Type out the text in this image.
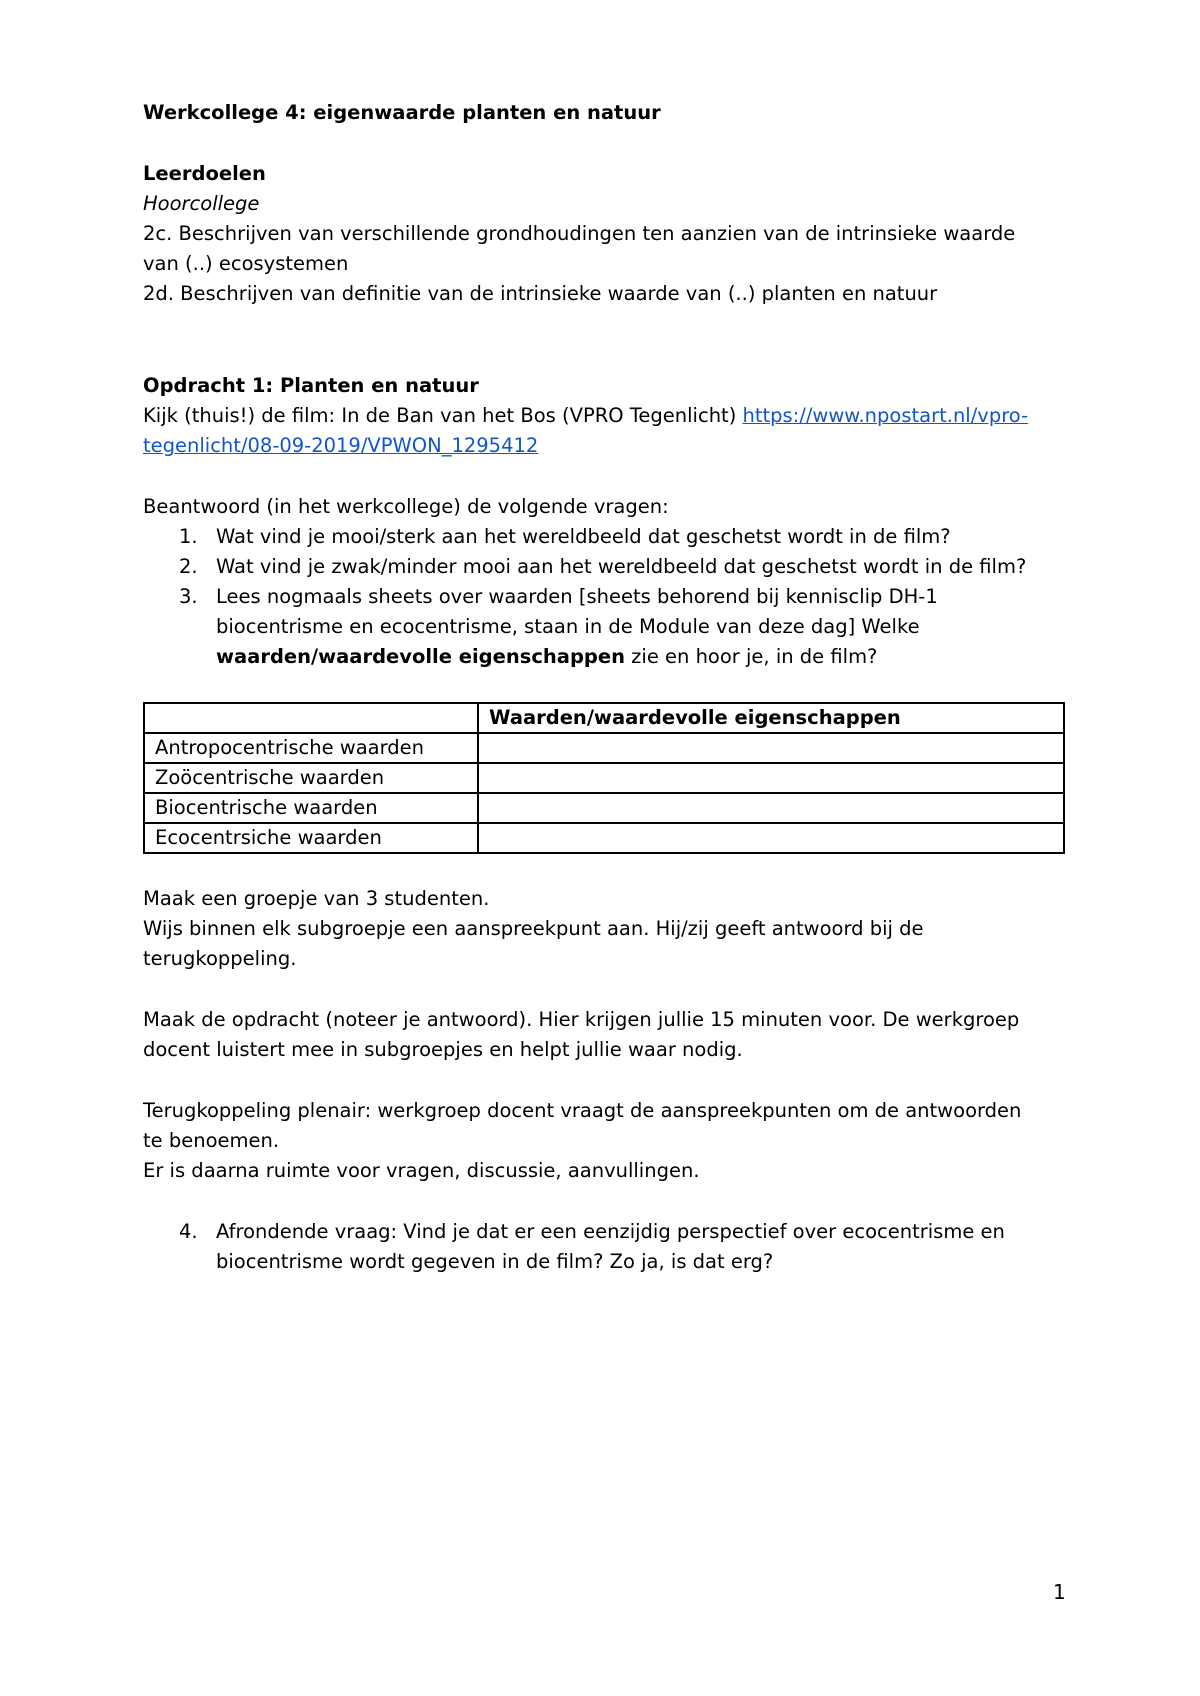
Werkcollege 4: eigenwaarde planten en natuur

Leerdoelen

Hoorcollege

2c. Beschrijven van verschillende grondhoudingen ten aanzien van de intrinsieke waarde

van (..) ecosystemen

2d. Beschrijven van definitie van de intrinsieke waarde van (..) planten en natuur

Opdracht 1: Planten en natuur

Kijk (thuis!) de film: In de Ban van het Bos (VPRO Tegenlicht) https://www.npostart.nl/vpro-

tegenlicht/08-09-2019/VPWON_1295412

Beantwoord (in het werkcollege) de volgende vragen:

1. Wat vind je mooi/sterk aan het wereldbeeld dat geschetst wordt in de film?
2. Wat vind je zwak/minder mooi aan het wereldbeeld dat geschetst wordt in de film?
3. Lees nogmaals sheets over waarden [sheets behorend bij kennisclip DH-1
biocentrisme en ecocentrisme, staan in de Module van deze dag] Welke
waarden/waardevolle eigenschappen zie en hoor je, in de film?
	Waarden/waardevolle eigenschappen
Antropocentrische waarden	
Zoöcentrische waarden	
Biocentrische waarden	
Ecocentrsiche waarden	

Maak een groepje van 3 studenten.

Wijs binnen elk subgroepje een aanspreekpunt aan. Hij/zij geeft antwoord bij de

terugkoppeling.

Maak de opdracht (noteer je antwoord). Hier krijgen jullie 15 minuten voor. De werkgroep

docent luistert mee in subgroepjes en helpt jullie waar nodig.

Terugkoppeling plenair: werkgroep docent vraagt de aanspreekpunten om de antwoorden

te benoemen.

Er is daarna ruimte voor vragen, discussie, aanvullingen.

4. Afrondende vraag: Vind je dat er een eenzijdig perspectief over ecocentrisme en
biocentrisme wordt gegeven in de film? Zo ja, is dat erg?
1
